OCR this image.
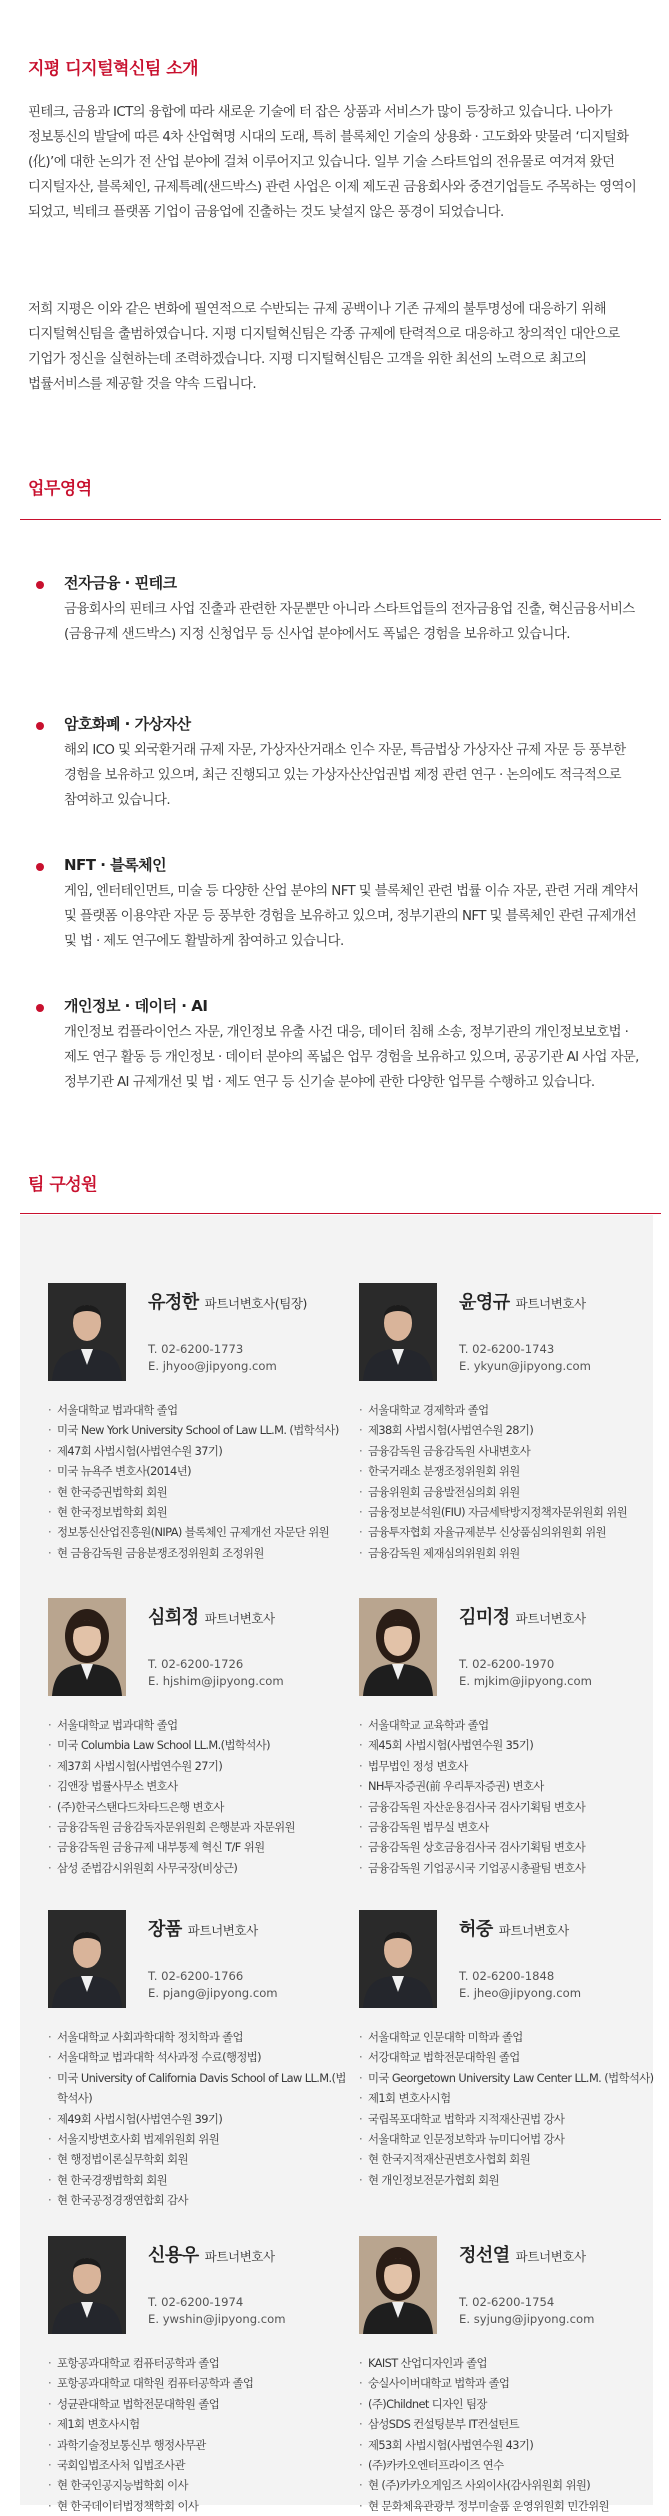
지평 디지털혁신팀 소개

핀테크, 금융과 ICT의 융합에 따라 새로운 기술에 터 잡은 상품과 서비스가 많이 등장하고 있습니다. 나아가 정보통신의 발달에 따른 4차 산업혁명 시대의 도래, 특히 블록체인 기술의 상용화 · 고도화와 맞물려 ‘디지털화(化)’에 대한 논의가 전 산업 분야에 걸쳐 이루어지고 있습니다. 일부 기술 스타트업의 전유물로 여겨져 왔던 디지털자산, 블록체인, 규제특례(샌드박스) 관련 사업은 이제 제도권 금융회사와 중견기업들도 주목하는 영역이 되었고, 빅테크 플랫폼 기업이 금융업에 진출하는 것도 낯설지 않은 풍경이 되었습니다.

저희 지평은 이와 같은 변화에 필연적으로 수반되는 규제 공백이나 기존 규제의 불투명성에 대응하기 위해 디지털혁신팀을 출범하였습니다. 지평 디지털혁신팀은 각종 규제에 탄력적으로 대응하고 창의적인 대안으로 기업가 정신을 실현하는데 조력하겠습니다. 지평 디지털혁신팀은 고객을 위한 최선의 노력으로 최고의 법률서비스를 제공할 것을 약속 드립니다.

업무영역
전자금융 · 핀테크
금융회사의 핀테크 사업 진출과 관련한 자문뿐만 아니라 스타트업들의 전자금융업 진출, 혁신금융서비스(금융규제 샌드박스) 지정 신청업무 등 신사업 분야에서도 폭넓은 경험을 보유하고 있습니다.
암호화폐 · 가상자산
해외 ICO 및 외국환거래 규제 자문, 가상자산거래소 인수 자문, 특금법상 가상자산 규제 자문 등 풍부한 경험을 보유하고 있으며, 최근 진행되고 있는 가상자산산업권법 제정 관련 연구 · 논의에도 적극적으로 참여하고 있습니다.
NFT · 블록체인
게임, 엔터테인먼트, 미술 등 다양한 산업 분야의 NFT 및 블록체인 관련 법률 이슈 자문, 관련 거래 계약서 및 플랫폼 이용약관 자문 등 풍부한 경험을 보유하고 있으며, 정부기관의 NFT 및 블록체인 관련 규제개선 및 법 · 제도 연구에도 활발하게 참여하고 있습니다.
개인정보 · 데이터 · AI
개인정보 컴플라이언스 자문, 개인정보 유출 사건 대응, 데이터 침해 소송, 정부기관의 개인정보보호법 · 제도 연구 활동 등 개인정보 · 데이터 분야의 폭넓은 업무 경험을 보유하고 있으며, 공공기관 AI 사업 자문, 정부기관 AI 규제개선 및 법 · 제도 연구 등 신기술 분야에 관한 다양한 업무를 수행하고 있습니다.
팀 구성원
유정한 파트너변호사(팀장)
T. 02-6200-1773
E. jhyoo@jipyong.com
· 서울대학교 법과대학 졸업
· 미국 New York University School of Law LL.M. (법학석사)
· 제47회 사법시험(사법연수원 37기)
· 미국 뉴욕주 변호사(2014년)
· 현 한국증권법학회 회원
· 현 한국정보법학회 회원
· 정보통신산업진흥원(NIPA) 블록체인 규제개선 자문단 위원
· 현 금융감독원 금융분쟁조정위원회 조정위원
윤영규 파트너변호사
T. 02-6200-1743
E. ykyun@jipyong.com
· 서울대학교 경제학과 졸업
· 제38회 사법시험(사법연수원 28기)
· 금융감독원 금융감독원 사내변호사
· 한국거래소 분쟁조정위원회 위원
· 금융위원회 금융발전심의회 위원
· 금융정보분석원(FIU) 자금세탁방지정책자문위원회 위원
· 금융투자협회 자율규제분부 신상품심의위원회 위원
· 금융감독원 제재심의위원회 위원
심희정 파트너변호사
T. 02-6200-1726
E. hjshim@jipyong.com
· 서울대학교 법과대학 졸업
· 미국 Columbia Law School LL.M.(법학석사)
· 제37회 사법시험(사법연수원 27기)
· 김앤장 법률사무소 변호사
· (주)한국스탠다드차타드은행 변호사
· 금융감독원 금융감독자문위원회 은행분과 자문위원
· 금융감독원 금융규제 내부통제 혁신 T/F 위원
· 삼성 준법감시위원회 사무국장(비상근)
김미정 파트너변호사
T. 02-6200-1970
E. mjkim@jipyong.com
· 서울대학교 교육학과 졸업
· 제45회 사법시험(사법연수원 35기)
· 법무법인 정성 변호사
· NH투자증권(前 우리투자증권) 변호사
· 금융감독원 자산운용검사국 검사기획팀 변호사
· 금융감독원 법무실 변호사
· 금융감독원 상호금융검사국 검사기획팀 변호사
· 금융감독원 기업공시국 기업공시총괄팀 변호사
장품 파트너변호사
T. 02-6200-1766
E. pjang@jipyong.com
· 서울대학교 사회과학대학 정치학과 졸업
· 서울대학교 법과대학 석사과정 수료(행정법)
· 미국 University of California Davis School of Law LL.M.(법학석사)
· 제49회 사법시험(사법연수원 39기)
· 서울지방변호사회 법제위원회 위원
· 현 행정법이론실무학회 회원
· 현 한국경쟁법학회 회원
· 현 한국공정경쟁연합회 감사
허중 파트너변호사
T. 02-6200-1848
E. jheo@jipyong.com
· 서울대학교 인문대학 미학과 졸업
· 서강대학교 법학전문대학원 졸업
· 미국 Georgetown University Law Center LL.M. (법학석사)
· 제1회 변호사시험
· 국립목포대학교 법학과 지적재산권법 강사
· 서울대학교 인문정보학과 뉴미디어법 강사
· 현 한국지적재산권변호사협회 회원
· 현 개인정보전문가협회 회원
신용우 파트너변호사
T. 02-6200-1974
E. ywshin@jipyong.com
· 포항공과대학교 컴퓨터공학과 졸업
· 포항공과대학교 대학원 컴퓨터공학과 졸업
· 성균관대학교 법학전문대학원 졸업
· 제1회 변호사시험
· 과학기술정보통신부 행정사무관
· 국회입법조사처 입법조사관
· 현 한국인공지능법학회 이사
· 현 한국데이터법정책학회 이사
정선열 파트너변호사
T. 02-6200-1754
E. syjung@jipyong.com
· KAIST 산업디자인과 졸업
· 숭실사이버대학교 법학과 졸업
· (주)Childnet 디자인 팀장
· 삼성SDS 컨설팅분부 IT컨설턴트
· 제53회 사법시험(사법연수원 43기)
· (주)카카오엔터프라이즈 연수
· 현 (주)카카오게임즈 사외이사(감사위원회 위원)
· 현 문화체육관광부 정부미술품 운영위원회 민간위원
